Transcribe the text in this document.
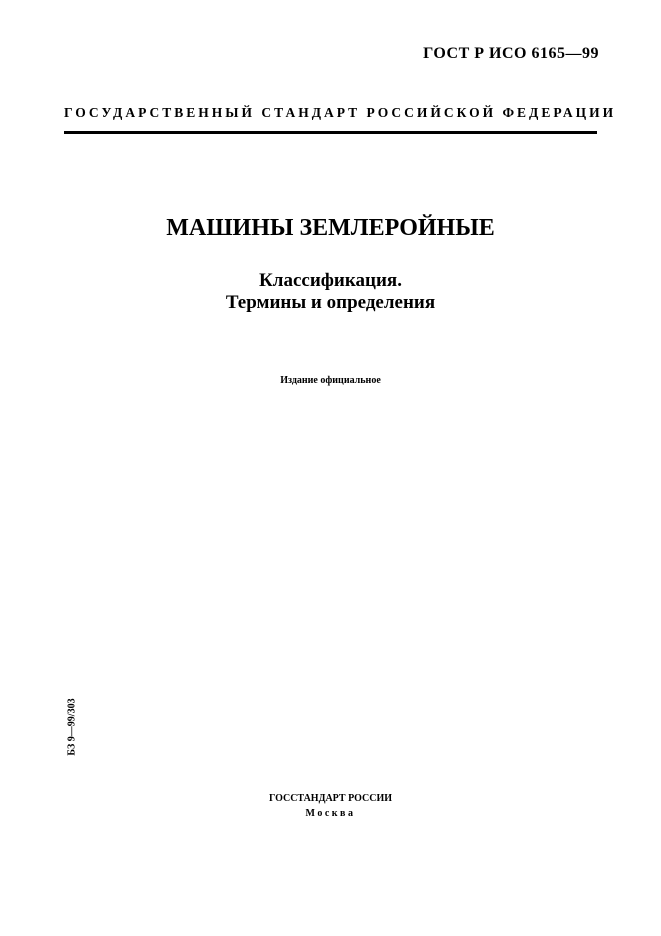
ГОСТ Р ИСО 6165—99
ГОСУДАРСТВЕННЫЙ СТАНДАРТ РОССИЙСКОЙ ФЕДЕРАЦИИ
МАШИНЫ ЗЕМЛЕРОЙНЫЕ
Классификация.
Термины и определения
Издание официальное
БЗ 9—99/303
ГОССТАНДАРТ РОССИИ
Москва
